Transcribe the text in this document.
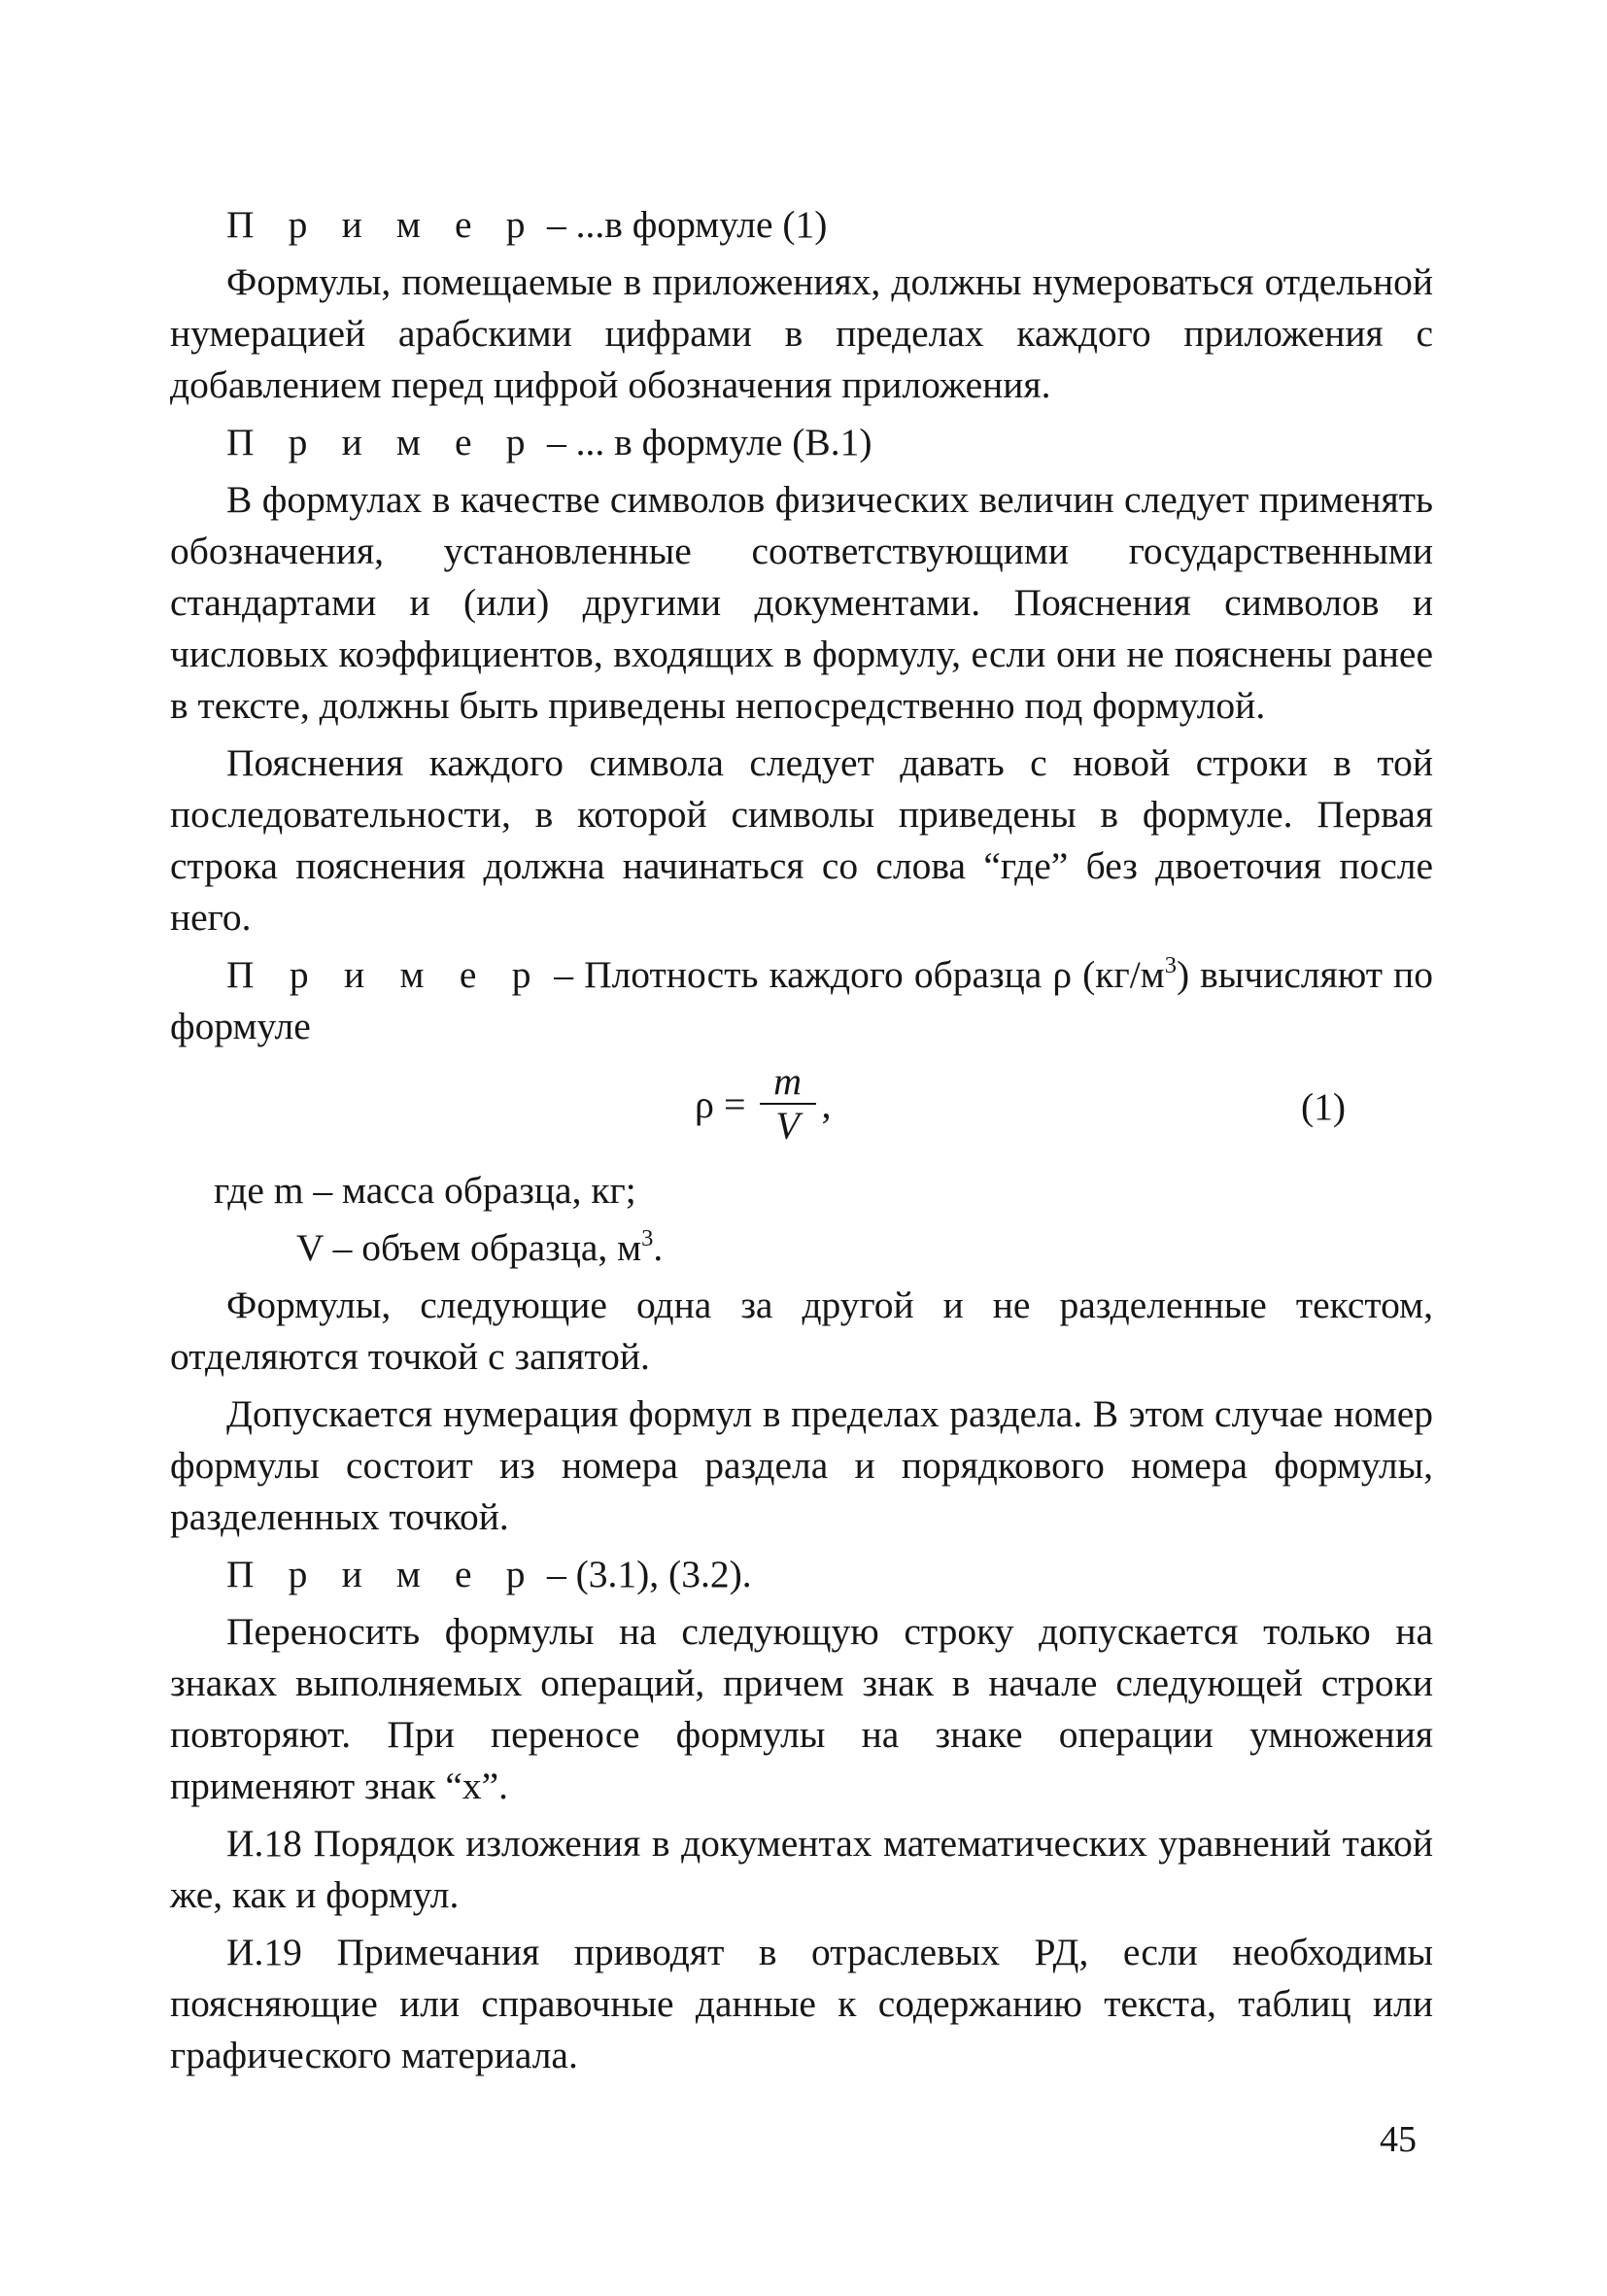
П р и м е р – ...в формуле (1)

Формулы, помещаемые в приложениях, должны нумероваться отдельной нумерацией арабскими цифрами в пределах каждого приложения с добавлением перед цифрой обозначения приложения.

П р и м е р – ... в формуле (В.1)

В формулах в качестве символов физических величин следует применять обозначения, установленные соответствующими государственными стандартами и (или) другими документами. Пояснения символов и числовых коэффициентов, входящих в формулу, если они не пояснены ранее в тексте, должны быть приведены непосредственно под формулой.

Пояснения каждого символа следует давать с новой строки в той последовательности, в которой символы приведены в формуле. Первая строка пояснения должна начинаться со слова “где” без двоеточия после него.

П р и м е р – Плотность каждого образца ρ $(кг/м^3)$ вычисляют по формуле

$\rho = \frac{m}{V}$ ,	(1)

где m – масса образца, кг;

V – объем образца, $м^3$.

Формулы, следующие одна за другой и не разделенные текстом, отделяются точкой с запятой.

Допускается нумерация формул в пределах раздела. В этом случае номер формулы состоит из номера раздела и порядкового номера формулы, разделенных точкой.

П р и м е р – (3.1), (3.2).

Переносить формулы на следующую строку допускается только на знаках выполняемых операций, причем знак в начале следующей строки повторяют. При переносе формулы на знаке операции умножения применяют знак “x”.

И.18 Порядок изложения в документах математических уравнений такой же, как и формул.

И.19 Примечания приводят в отраслевых РД, если необходимы поясняющие или справочные данные к содержанию текста, таблиц или графического материала.

45
